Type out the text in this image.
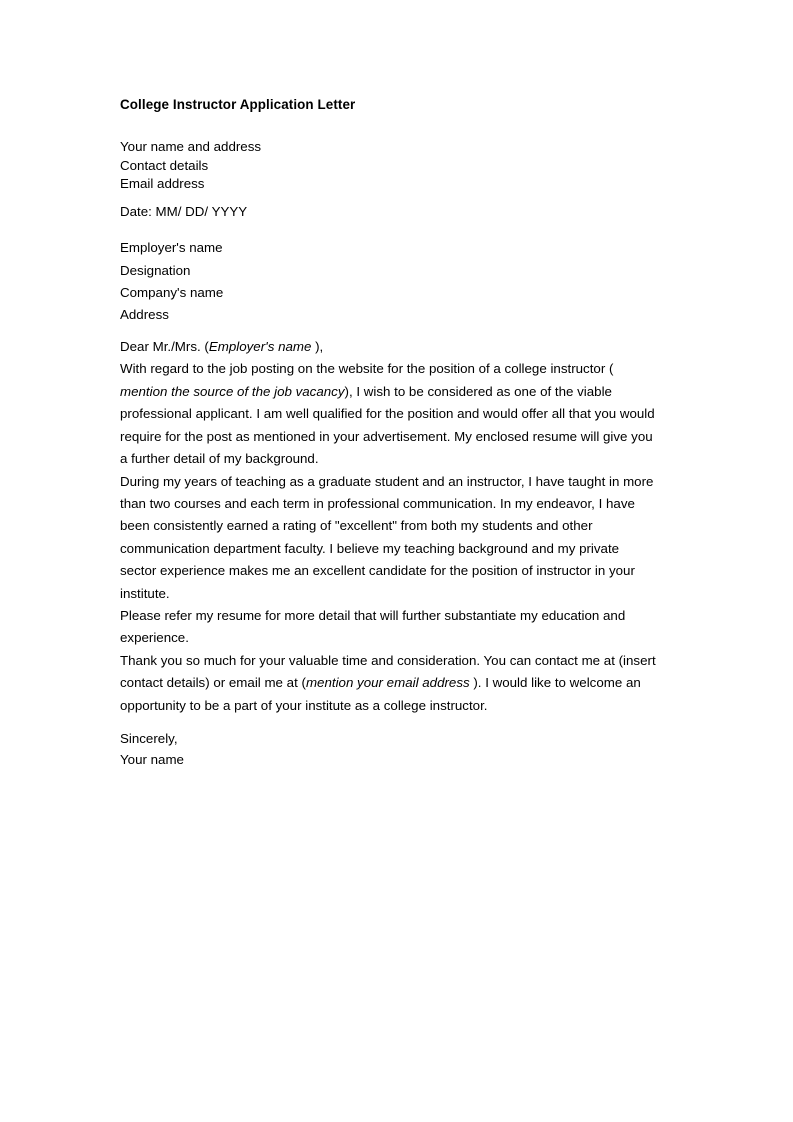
College Instructor Application Letter
Your name and address
Contact details
Email address
Date: MM/ DD/ YYYY
Employer's name
Designation
Company's name
Address

Dear Mr./Mrs. (Employer's name ),

With regard to the job posting on the website for the position of a college instructor ( mention the source of the job vacancy), I wish to be considered as one of the viable professional applicant. I am well qualified for the position and would offer all that you would require for the post as mentioned in your advertisement. My enclosed resume will give you a further detail of my background.

During my years of teaching as a graduate student and an instructor, I have taught in more than two courses and each term in professional communication. In my endeavor, I have been consistently earned a rating of "excellent" from both my students and other communication department faculty. I believe my teaching background and my private sector experience makes me an excellent candidate for the position of instructor in your institute.

Please refer my resume for more detail that will further substantiate my education and experience.

Thank you so much for your valuable time and consideration. You can contact me at (insert contact details) or email me at (mention your email address ). I would like to welcome an opportunity to be a part of your institute as a college instructor.

Sincerely,
Your name
